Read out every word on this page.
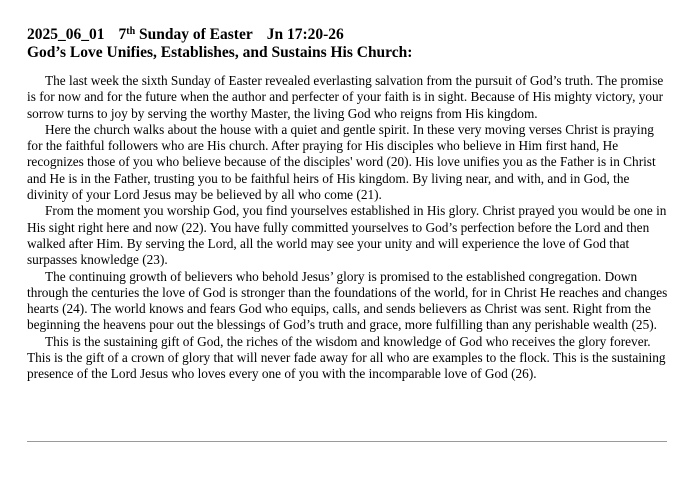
2025_06_01 7th Sunday of Easter Jn 17:20-26
God’s Love Unifies, Establishes, and Sustains His Church:

The last week the sixth Sunday of Easter revealed everlasting salvation from the pursuit of God’s truth. The promise is for now and for the future when the author and perfecter of your faith is in sight. Because of His mighty victory, your sorrow turns to joy by serving the worthy Master, the living God who reigns from His kingdom.

Here the church walks about the house with a quiet and gentle spirit. In these very moving verses Christ is praying for the faithful followers who are His church. After praying for His disciples who believe in Him first hand, He recognizes those of you who believe because of the disciples' word (20). His love unifies you as the Father is in Christ and He is in the Father, trusting you to be faithful heirs of His kingdom. By living near, and with, and in God, the divinity of your Lord Jesus may be believed by all who come (21).

From the moment you worship God, you find yourselves established in His glory. Christ prayed you would be one in His sight right here and now (22). You have fully committed yourselves to God’s perfection before the Lord and then walked after Him. By serving the Lord, all the world may see your unity and will experience the love of God that surpasses knowledge (23).

The continuing growth of believers who behold Jesus’ glory is promised to the established congregation. Down through the centuries the love of God is stronger than the foundations of the world, for in Christ He reaches and changes hearts (24). The world knows and fears God who equips, calls, and sends believers as Christ was sent. Right from the beginning the heavens pour out the blessings of God’s truth and grace, more fulfilling than any perishable wealth (25).

This is the sustaining gift of God, the riches of the wisdom and knowledge of God who receives the glory forever. This is the gift of a crown of glory that will never fade away for all who are examples to the flock. This is the sustaining presence of the Lord Jesus who loves every one of you with the incomparable love of God (26).
